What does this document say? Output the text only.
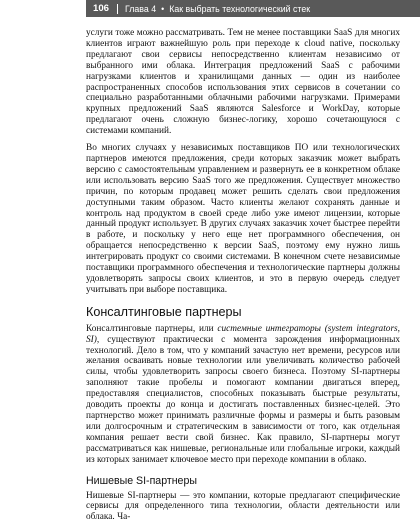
106 Глава 4 • Как выбрать технологический стек

услуги тоже можно рассматривать. Тем не менее поставщики SaaS для многих клиентов играют важнейшую роль при переходе к cloud native, поскольку предлагают свои сервисы непосредственно клиентам независимо от выбранного ими облака. Интеграция предложений SaaS с рабочими нагрузками клиентов и хранилищами данных — один из наиболее распространенных способов использования этих сервисов в сочетании со специально разработанными облачными рабочими нагрузками. Примерами крупных предложений SaaS являются Salesforce и WorkDay, которые предлагают очень сложную бизнес-логику, хорошо сочетающуюся с системами компаний.

Во многих случаях у независимых поставщиков ПО или технологических партнеров имеются предложения, среди которых заказчик может выбрать версию с самостоятельным управлением и развернуть ее в конкретном облаке или использовать версию SaaS того же предложения. Существует множество причин, по которым продавец может решить сделать свои предложения доступными таким образом. Часто клиенты желают сохранять данные и контроль над продуктом в своей среде либо уже имеют лицензии, которые данный продукт использует. В других случаях заказчик хочет быстрее перейти в работе, и поскольку у него еще нет программного обеспечения, он обращается непосредственно к версии SaaS, поэтому ему нужно лишь интегрировать продукт со своими системами. В конечном счете независимые поставщики программного обеспечения и технологические партнеры должны удовлетворять запросы своих клиентов, и это в первую очередь следует учитывать при выборе поставщика.

Консалтинговые партнеры

Консалтинговые партнеры, или системные интеграторы (system integrators, SI), существуют практически с момента зарождения информационных технологий. Дело в том, что у компаний зачастую нет времени, ресурсов или желания осваивать новые технологии или увеличивать количество рабочей силы, чтобы удовлетворить запросы своего бизнеса. Поэтому SI-партнеры заполняют такие пробелы и помогают компании двигаться вперед, предоставляя специалистов, способных показывать быстрые результаты, доводить проекты до конца и достигать поставленных бизнес-целей. Это партнерство может принимать различные формы и размеры и быть разовым или долгосрочным и стратегическим в зависимости от того, как отдельная компания решает вести свой бизнес. Как правило, SI-партнеры могут рассматриваться как нишевые, региональные или глобальные игроки, каждый из которых занимает ключевое место при переходе компании в облако.

Нишевые SI-партнеры

Нишевые SI-партнеры — это компании, которые предлагают специфические сервисы для определенного типа технологии, области деятельности или облака. Ча-
